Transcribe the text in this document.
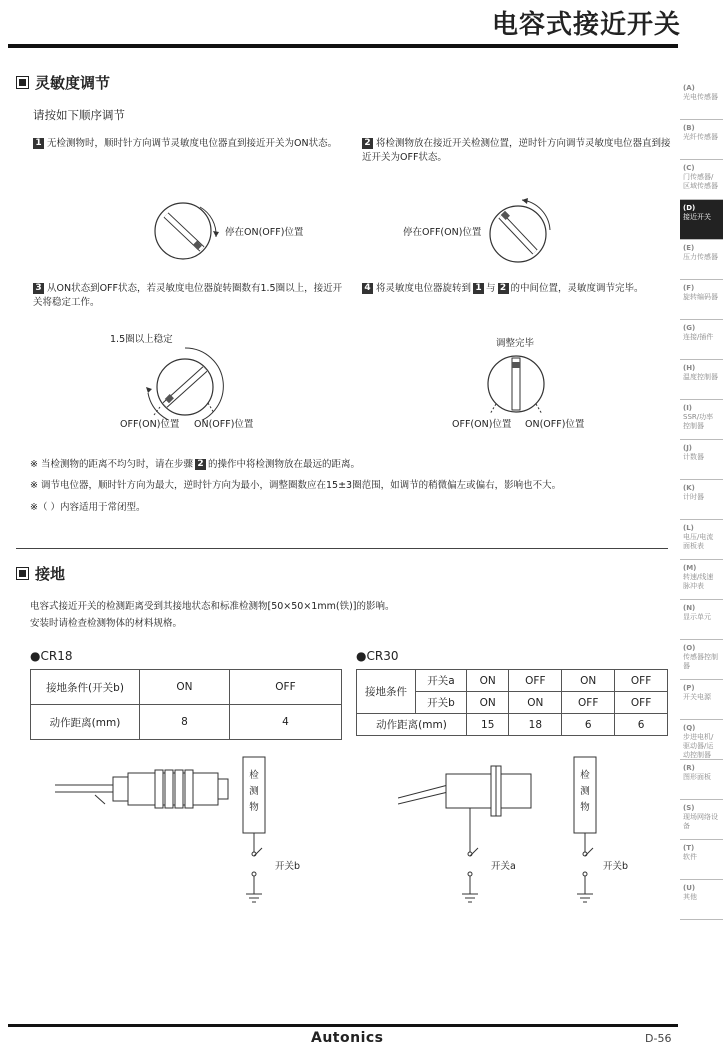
电容式接近开关
灵敏度调节
请按如下顺序调节
1 无检测物时，顺时针方向调节灵敏度电位器直到接近开关为ON状态。	2 将检测物放在接近开关检测位置，逆时针方向调节灵敏度电位器直到接近开关为OFF状态。
停在ON(OFF)位置	停在OFF(ON)位置
3 从ON状态到OFF状态，若灵敏度电位器旋转圈数有1.5圈以上，接近开关将稳定工作。
4 将灵敏度电位器旋转到 1 与 2 的中间位置，灵敏度调节完毕。
1.5圈以上稳定
OFF(ON)位置 ON(OFF)位置
调整完毕
OFF(ON)位置 ON(OFF)位置
※ 当检测物的距离不均匀时，请在步骤 2 的操作中将检测物放在最远的距离。
※ 调节电位器，顺时针方向为最大，逆时针方向为最小，调整圈数应在15±3圈范围，如调节的稍微偏左或偏右，影响也不大。
※（ ）内容适用于常闭型。
接地
电容式接近开关的检测距离受到其接地状态和标准检测物[50×50×1mm(铁)]的影响。
安装时请检查检测物体的材料规格。
●CR18
接地条件(开关b)	ON	OFF
动作距离(mm)	8	4
●CR30
接地条件	开关a	ON	OFF	ON	OFF
	开关b	ON	ON	OFF	OFF
动作距离(mm)		15	18	6	6
检测物
开关b
检测物
开关a	开关b
(A)
光电传感器
(B)
光纤传感器
(C)
门传感器/区域传感器
(D)
接近开关
(E)
压力传感器
(F)
旋转编码器
(G)
连接/插件
(H)
温度控制器
(I)
SSR/功率控制器
(J)
计数器
(K)
计时器
(L)
电压/电流面板表
(M)
转速/线速脉冲表
(N)
显示单元
(O)
传感器控制器
(P)
开关电源
(Q)
步进电机/驱动器/运动控制器
(R)
图形面板
(S)
现场网络设备
(T)
软件
(U)
其他
Autonics	D-56
